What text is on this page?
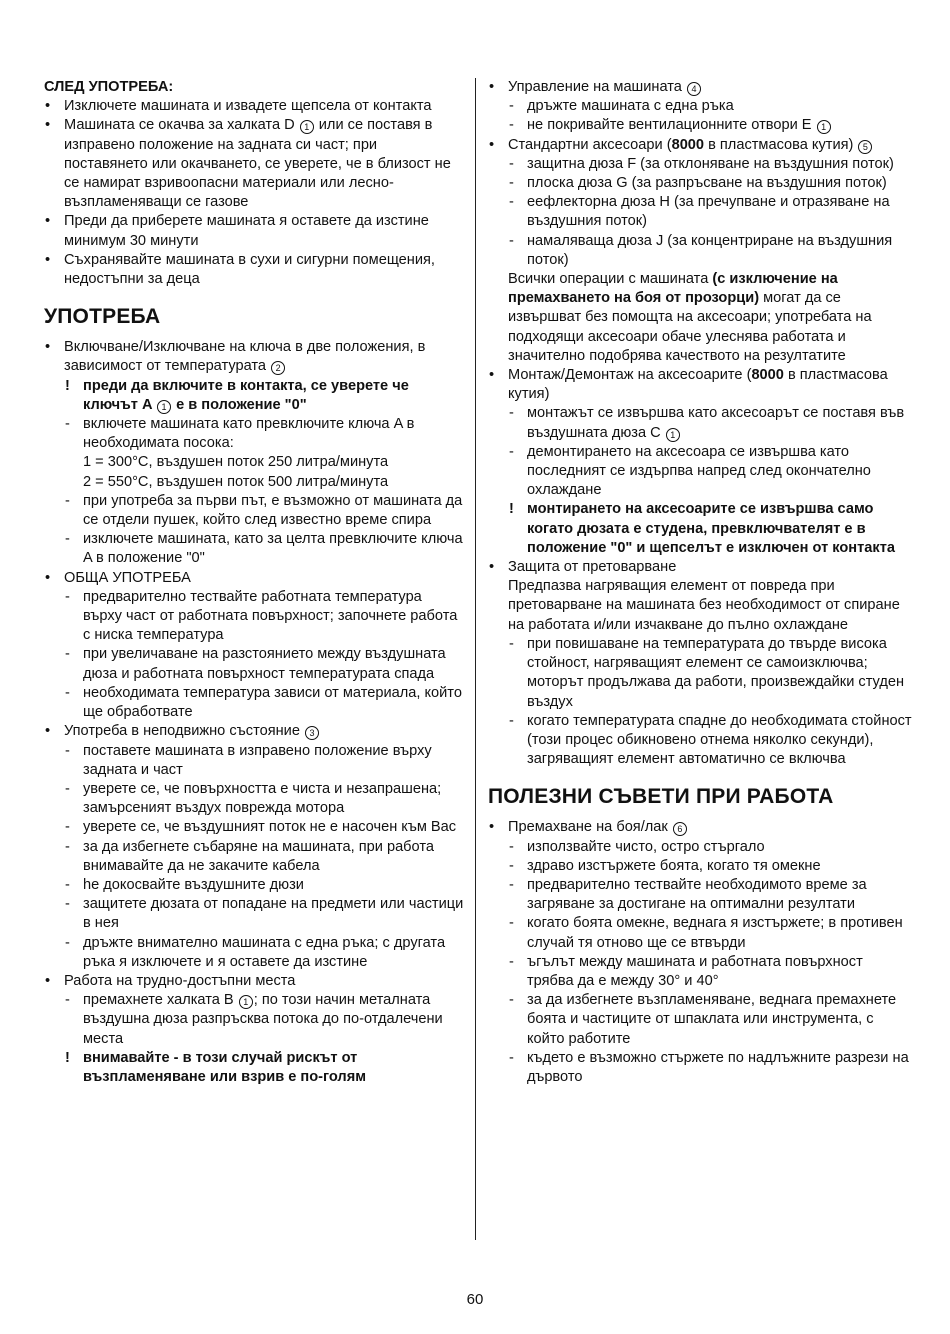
СЛЕД УПОТРЕБА:
• Изключете машината и извадете щепсела от контакта
• Машината се окачва за халката D 1 или се поставя в изправено положение на задната си част; при поставянето или окачването, се уверете, че в близост не се намират взривоопасни материали или лесно-възпламеняващи се газове
• Преди да приберете машината я оставете да изстине минимум 30 минути
• Съхранявайте машината в сухи и сигурни помещения, недостъпни за деца
УПОТРЕБА
• Включване/Изключване на ключа в две положения, в зависимост от температурата 2
! преди да включите в контакта, се уверете че ключът A 1 е в положение "0"
- включете машината като превключите ключа A в необходимата посока:
1 = 300°C, въздушен поток 250 литра/минута
2 = 550°C, въздушен поток 500 литра/минута
- при употреба за първи път, е възможно от машината да се отдели пушек, който след известно време спира
- изключете машината, като за целта превключите ключа A в положение "0"
• ОБЩА УПОТРЕБА
- предварително тествайте работната температура върху част от работната повърхност; започнете работа с ниска температура
- при увеличаване на разстоянието между въздушната дюза и работната повърхност температурата спада
- необходимата температура зависи от материала, който ще обработвате
• Употреба в неподвижно състояние 3
- поставете машината в изправено положение върху задната и част
- уверете се, че повърхността е чиста и незапрашена; замърсеният въздух поврежда мотора
- уверете се, че въздушният поток не е насочен към Вас
- за да избегнете събаряне на машината, при работа внимавайте да не закачите кабела
- he докосвайте въздушните дюзи
- защитете дюзата от попадане на предмети или частици в нея
- дръжте внимателно машината с една ръка; с другата ръка я изключете и я оставете да изстине
• Работа на трудно-достъпни места
- премахнете халката B 1 ; по този начин металната въздушна дюза разпръсква потока до по-отдалечени места
! внимавайте - в този случай рискът от възпламеняване или взрив е по-голям
• Управление на машината 4
- дръжте машината с една ръка
- не покривайте вентилационните отвори E 1
• Стандартни аксесоари (8000 в пластмасова кутия) 5
- защитна дюза F (за отклоняване на въздушния поток)
- плоска дюза G (за разпръсване на въздушния поток)
- ееф‌лекторна дюза H (за пречупване и отразяване на въздушния поток)
- намаляваща дюза J (за концентриране на въздушния поток)
Всички операции с машината (с изключение на премахването на боя от прозорци) могат да се извършват без помощта на аксесоари; употребата на подходящи аксесоари обаче улеснява работата и значително подобрява качеството на резултатите
• Монтаж/Демонтаж на аксесоарите (8000 в пластмасова кутия)
- монтажът се извършва като аксесоарът се поставя във въздушната дюза C 1
- демонтирането на аксесоара се извършва като последният се издърпва напред след окончателно охлаждане
! монтирането на аксесоарите се извършва само когато дюзата е студена, превключвателят е в положение "0" и щепселът е изключен от контакта
• Защита от претоварване
Предпазва нагряващия елемент от повреда при претоварване на машината без необходимост от спиране на работата и/или изчакване до пълно охлаждане
- при повишаване на температурата до твърде висока стойност, нагряващият елемент се самоизключва; моторът продължава да работи, произвеждайки студен въздух
- когато температурата спадне до необходимата стойност (този процес обикновено отнема няколко секунди), загряващият елемент автоматично се включва
ПОЛЕЗНИ СЪВЕТИ ПРИ РАБОТА
• Премахване на боя/лак 6
- използвайте чисто, остро стъргало
- здраво изстържете боята, когато тя омекне
- предварително тествайте необходимото време за загряване за достигане на оптимални резултати
- когато боята омекне, веднага я изстържете; в противен случай тя отново ще се втвърди
- ъгълът между машината и работната повърхност трябва да е между 30° и 40°
- за да избегнете възпламеняване, веднага премахнете боята и частиците от шпаклата или инструмента, с който работите
- където е възможно стържете по надлъжните разрези на дървото
60
